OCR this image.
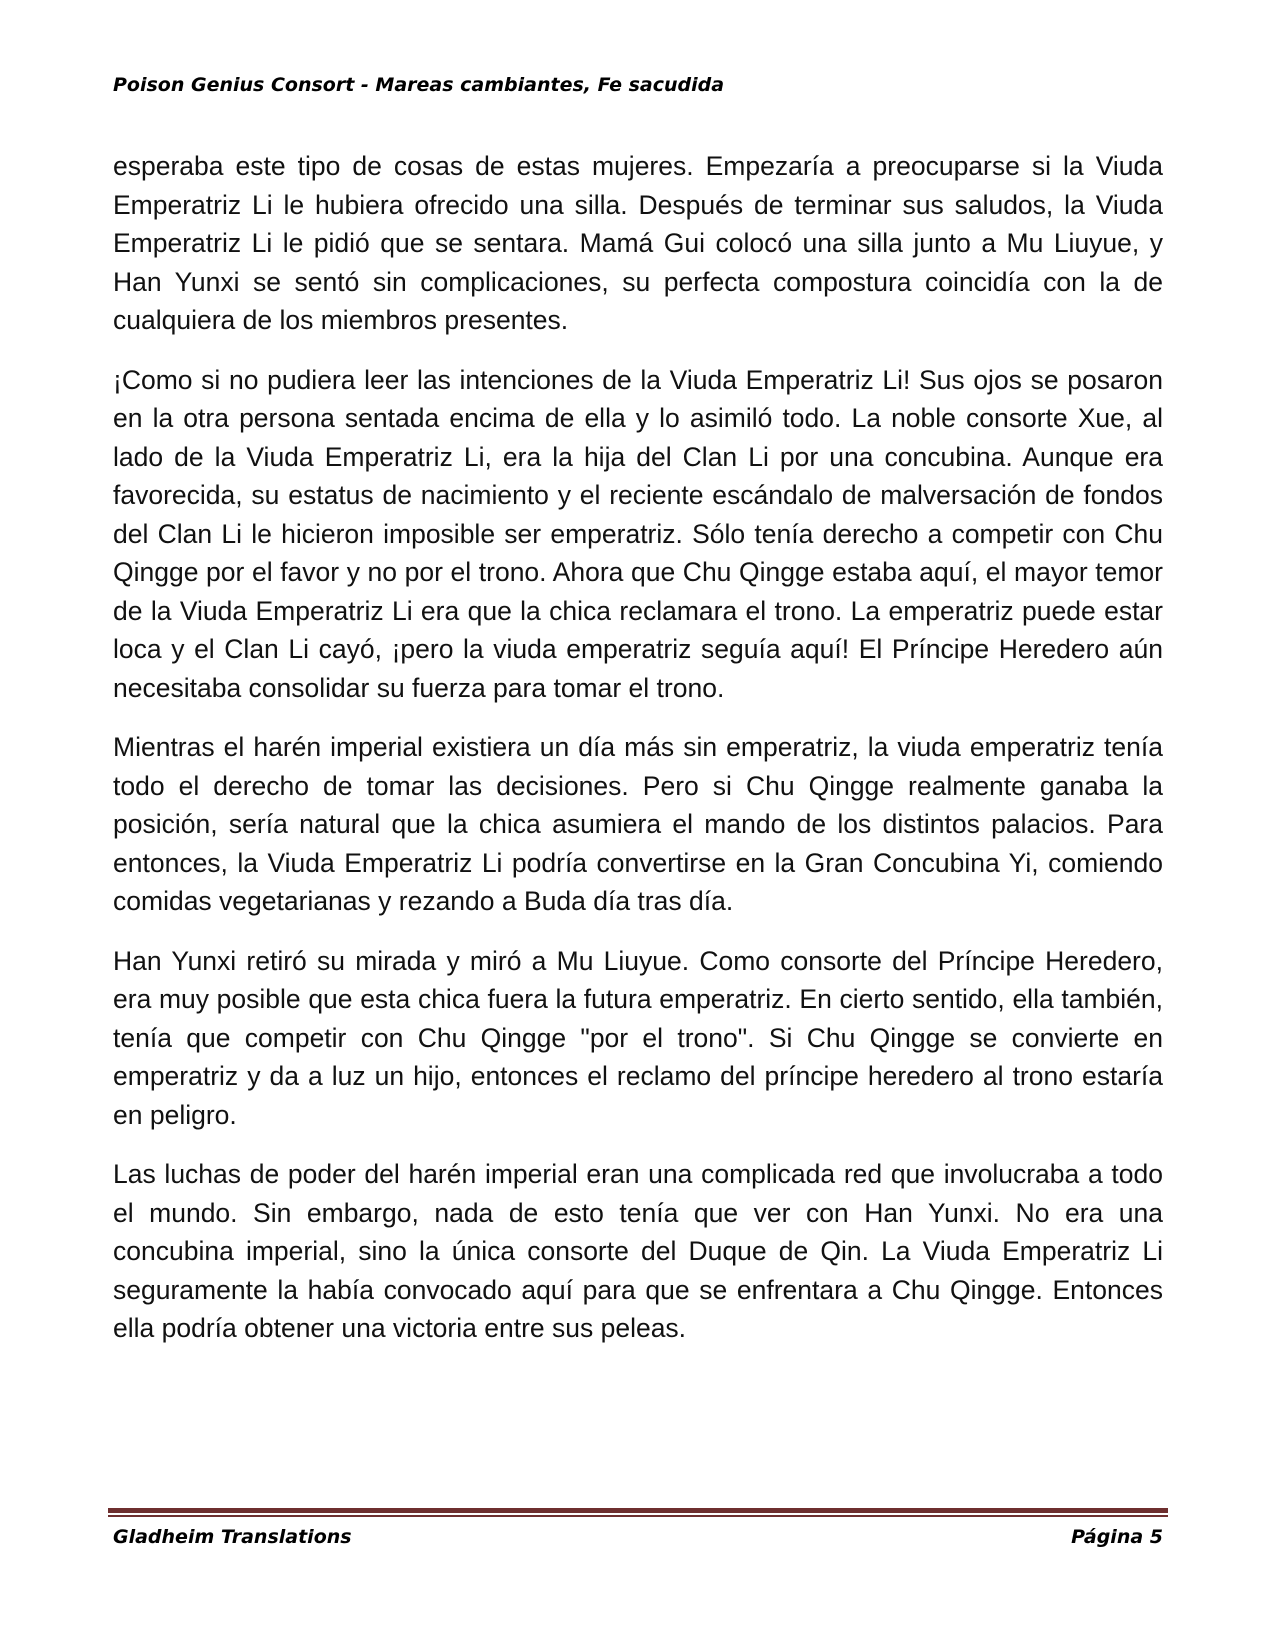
Poison Genius Consort - Mareas cambiantes, Fe sacudida

esperaba este tipo de cosas de estas mujeres. Empezaría a preocuparse si la Viuda Emperatriz Li le hubiera ofrecido una silla. Después de terminar sus saludos, la Viuda Emperatriz Li le pidió que se sentara. Mamá Gui colocó una silla junto a Mu Liuyue, y Han Yunxi se sentó sin complicaciones, su perfecta compostura coincidía con la de cualquiera de los miembros presentes.

¡Como si no pudiera leer las intenciones de la Viuda Emperatriz Li! Sus ojos se posaron en la otra persona sentada encima de ella y lo asimiló todo. La noble consorte Xue, al lado de la Viuda Emperatriz Li, era la hija del Clan Li por una concubina. Aunque era favorecida, su estatus de nacimiento y el reciente escándalo de malversación de fondos del Clan Li le hicieron imposible ser emperatriz. Sólo tenía derecho a competir con Chu Qingge por el favor y no por el trono. Ahora que Chu Qingge estaba aquí, el mayor temor de la Viuda Emperatriz Li era que la chica reclamara el trono. La emperatriz puede estar loca y el Clan Li cayó, ¡pero la viuda emperatriz seguía aquí! El Príncipe Heredero aún necesitaba consolidar su fuerza para tomar el trono.

Mientras el harén imperial existiera un día más sin emperatriz, la viuda emperatriz tenía todo el derecho de tomar las decisiones. Pero si Chu Qingge realmente ganaba la posición, sería natural que la chica asumiera el mando de los distintos palacios. Para entonces, la Viuda Emperatriz Li podría convertirse en la Gran Concubina Yi, comiendo comidas vegetarianas y rezando a Buda día tras día.

Han Yunxi retiró su mirada y miró a Mu Liuyue. Como consorte del Príncipe Heredero, era muy posible que esta chica fuera la futura emperatriz. En cierto sentido, ella también, tenía que competir con Chu Qingge "por el trono". Si Chu Qingge se convierte en emperatriz y da a luz un hijo, entonces el reclamo del príncipe heredero al trono estaría en peligro.

Las luchas de poder del harén imperial eran una complicada red que involucraba a todo el mundo. Sin embargo, nada de esto tenía que ver con Han Yunxi. No era una concubina imperial, sino la única consorte del Duque de Qin. La Viuda Emperatriz Li seguramente la había convocado aquí para que se enfrentara a Chu Qingge. Entonces ella podría obtener una victoria entre sus peleas.

Gladheim Translations	Página 5
